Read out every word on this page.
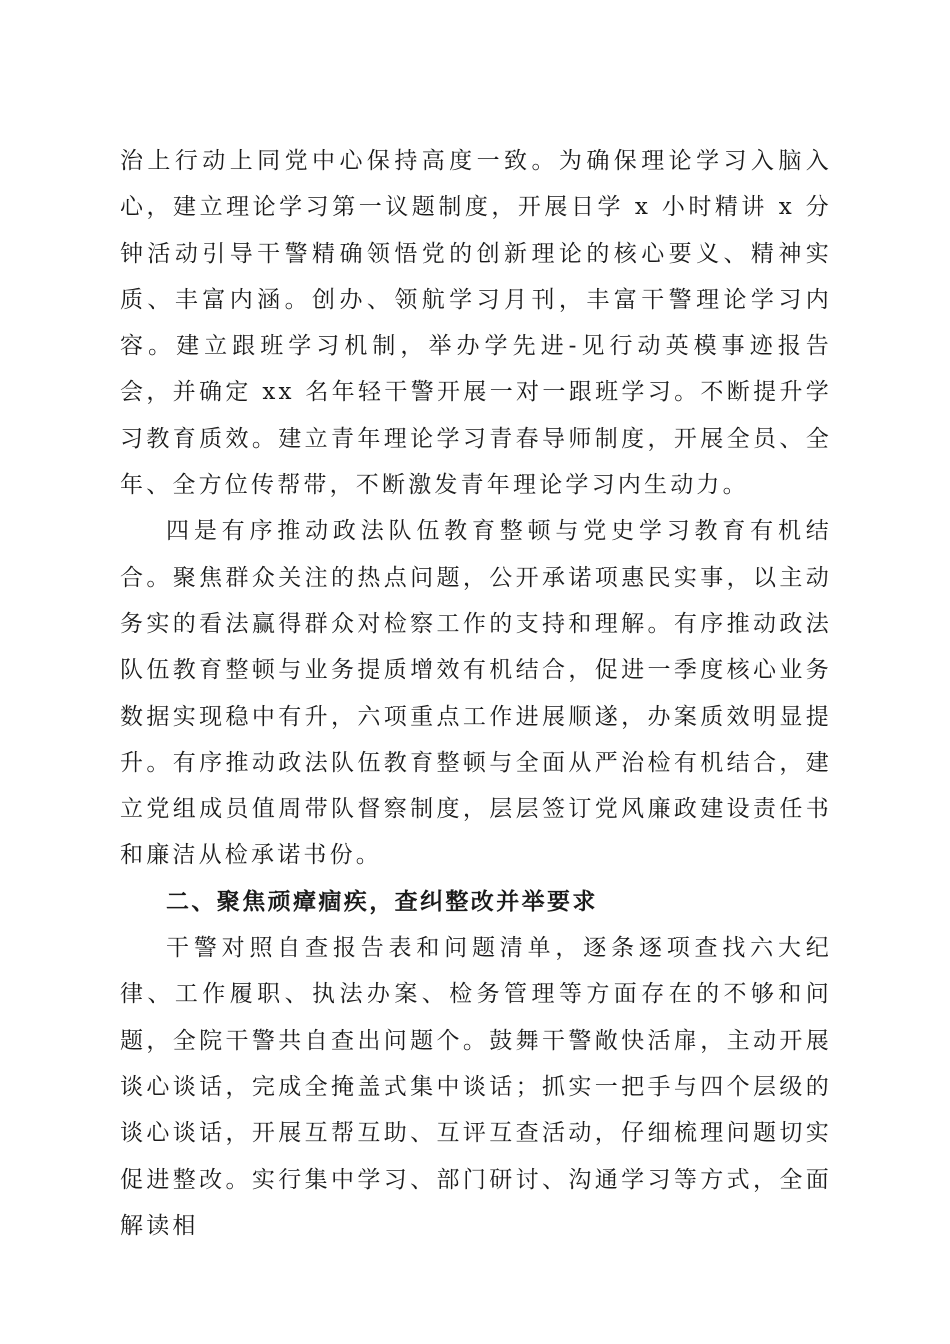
治上行动上同党中心保持高度一致。为确保理论学习入脑入心，建立理论学习第一议题制度，开展日学 x 小时精讲 x 分钟活动引导干警精确领悟党的创新理论的核心要义、精神实质、丰富内涵。创办、领航学习月刊，丰富干警理论学习内容。建立跟班学习机制，举办学先进-见行动英模事迹报告会，并确定 xx 名年轻干警开展一对一跟班学习。不断提升学习教育质效。建立青年理论学习青春导师制度，开展全员、全年、全方位传帮带，不断激发青年理论学习内生动力。

四是有序推动政法队伍教育整顿与党史学习教育有机结合。聚焦群众关注的热点问题，公开承诺项惠民实事，以主动务实的看法赢得群众对检察工作的支持和理解。有序推动政法队伍教育整顿与业务提质增效有机结合，促进一季度核心业务数据实现稳中有升，六项重点工作进展顺遂，办案质效明显提升。有序推动政法队伍教育整顿与全面从严治检有机结合，建立党组成员值周带队督察制度，层层签订党风廉政建设责任书和廉洁从检承诺书份。

二、聚焦顽瘴痼疾，查纠整改并举要求

干警对照自查报告表和问题清单，逐条逐项查找六大纪律、工作履职、执法办案、检务管理等方面存在的不够和问题，全院干警共自查出问题个。鼓舞干警敞快活扉，主动开展谈心谈话，完成全掩盖式集中谈话；抓实一把手与四个层级的谈心谈话，开展互帮互助、互评互查活动，仔细梳理问题切实促进整改。实行集中学习、部门研讨、沟通学习等方式，全面解读相
